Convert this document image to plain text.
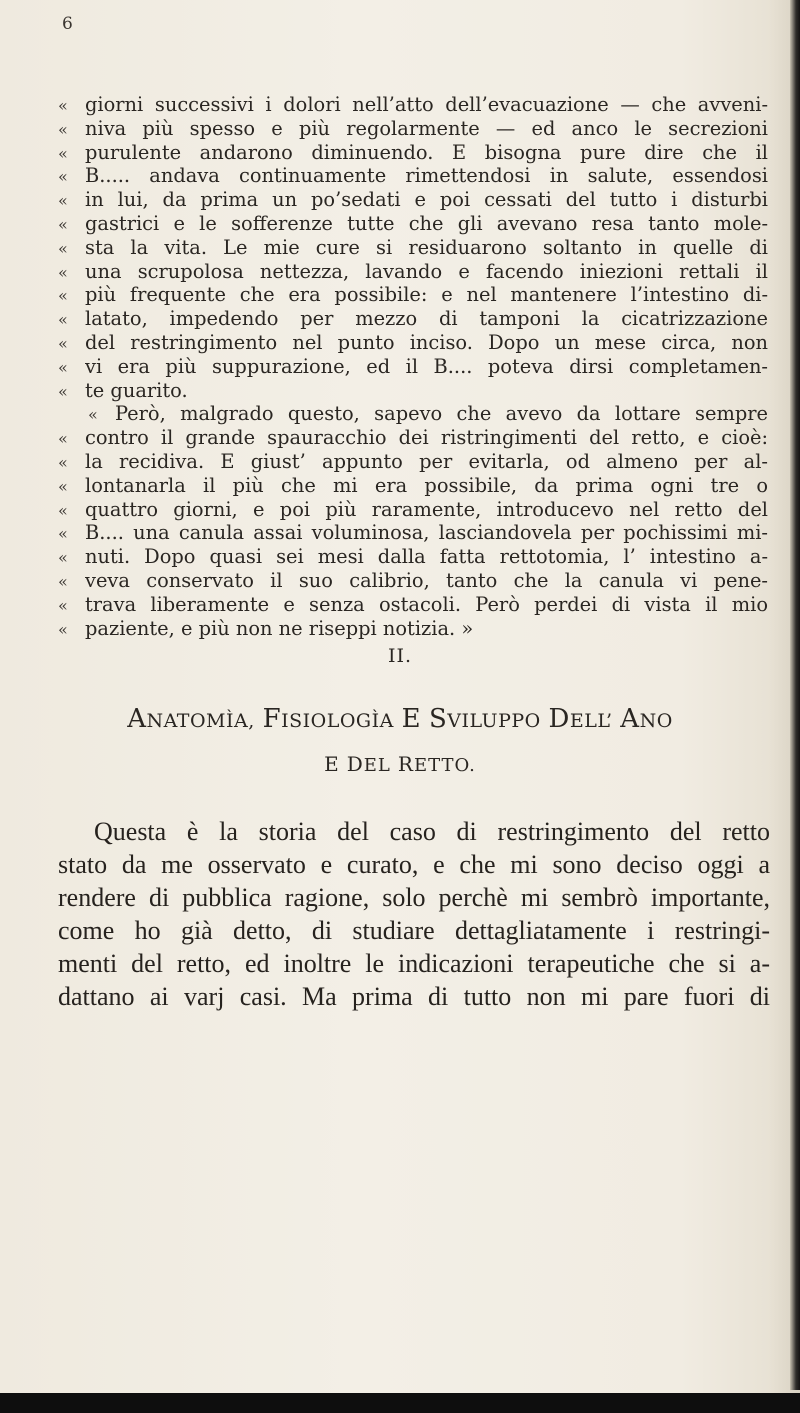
6
« giorni successivi i dolori nell’atto dell’evacuazione — che avveni-
« niva più spesso e più regolarmente — ed anco le secrezioni
« purulente andarono diminuendo. E bisogna pure dire che il
« B..... andava continuamente rimettendosi in salute, essendosi
« in lui, da prima un po’sedati e poi cessati del tutto i disturbi
« gastrici e le sofferenze tutte che gli avevano resa tanto mole-
« sta la vita. Le mie cure si residuarono soltanto in quelle di
« una scrupolosa nettezza, lavando e facendo iniezioni rettali il
« più frequente che era possibile: e nel mantenere l’intestino di-
« latato, impedendo per mezzo di tamponi la cicatrizzazione
« del restringimento nel punto inciso. Dopo un mese circa, non
« vi era più suppurazione, ed il B.... poteva dirsi completamen-
« te guarito.
« Però, malgrado questo, sapevo che avevo da lottare sempre
« contro il grande spauracchio dei ristringimenti del retto, e cioè:
« la recidiva. E giust’ appunto per evitarla, od almeno per al-
« lontanarla il più che mi era possibile, da prima ogni tre o
« quattro giorni, e poi più raramente, introducevo nel retto del
« B.... una canula assai voluminosa, lasciandovela per pochissimi mi-
« nuti. Dopo quasi sei mesi dalla fatta rettotomia, l’ intestino a-
« veva conservato il suo calibrio, tanto che la canula vi pene-
« trava liberamente e senza ostacoli. Però perdei di vista il mio
« paziente, e più non ne riseppi notizia. »
II.
ANATOMÌA, FISIOLOGÌA E SVILUPPO DELL’ ANO
E DEL RETTO.
Questa è la storia del caso di restringimento del retto
stato da me osservato e curato, e che mi sono deciso oggi a
rendere di pubblica ragione, solo perchè mi sembrò importante,
come ho già detto, di studiare dettagliatamente i restringi-
menti del retto, ed inoltre le indicazioni terapeutiche che si a-
dattano ai varj casi. Ma prima di tutto non mi pare fuori di
